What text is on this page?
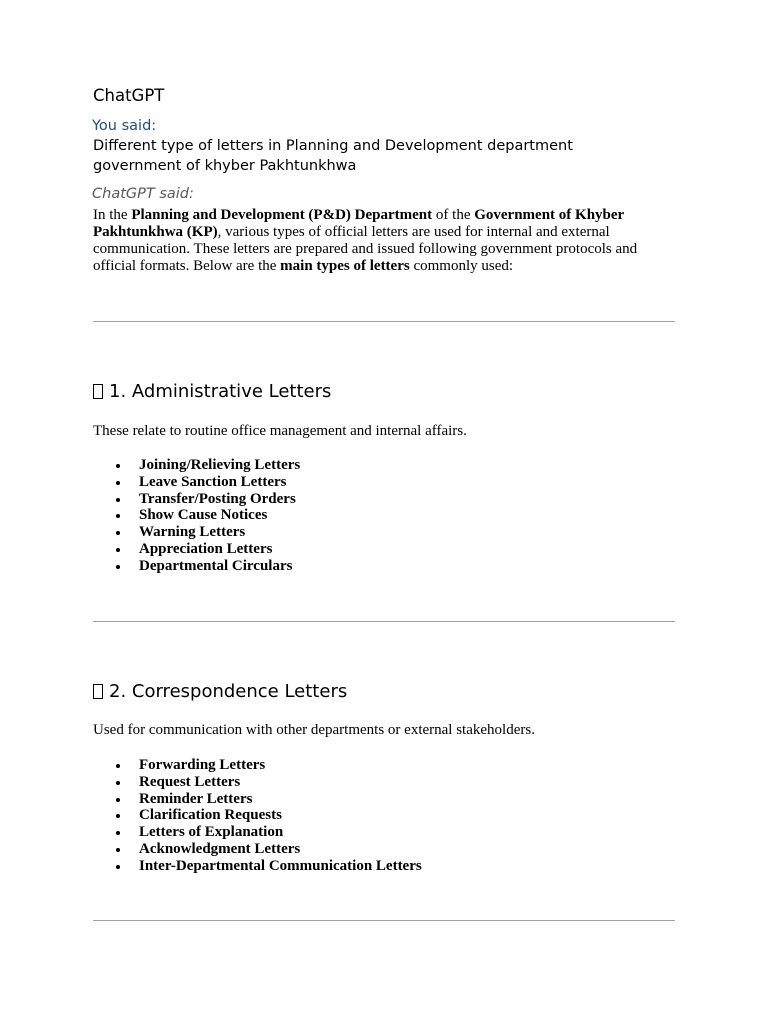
ChatGPT
You said:
Different type of letters in Planning and Development department government of khyber Pakhtunkhwa
ChatGPT said:

In the Planning and Development (P&D) Department of the Government of Khyber Pakhtunkhwa (KP), various types of official letters are used for internal and external communication. These letters are prepared and issued following government protocols and official formats. Below are the main types of letters commonly used:

1. Administrative Letters
These relate to routine office management and internal affairs.
Joining/Relieving Letters
Leave Sanction Letters
Transfer/Posting Orders
Show Cause Notices
Warning Letters
Appreciation Letters
Departmental Circulars
2. Correspondence Letters
Used for communication with other departments or external stakeholders.
Forwarding Letters
Request Letters
Reminder Letters
Clarification Requests
Letters of Explanation
Acknowledgment Letters
Inter-Departmental Communication Letters
